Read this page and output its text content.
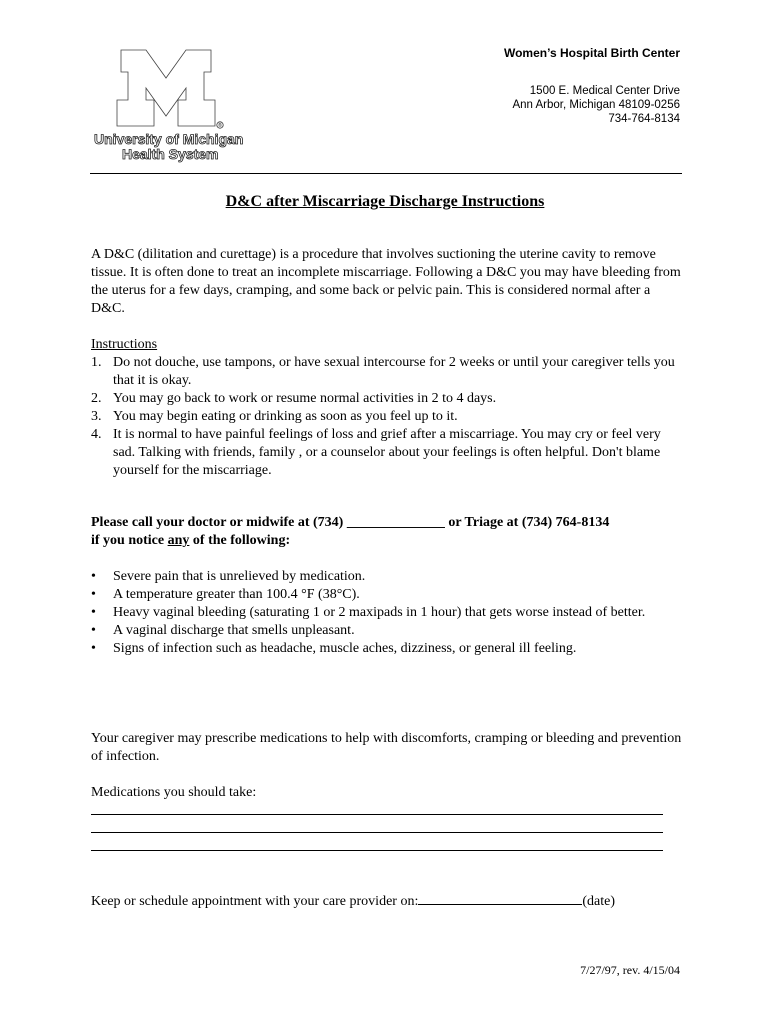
®
University of Michigan
Health System
Women’s Hospital Birth Center
1500 E. Medical Center Drive
Ann Arbor, Michigan 48109-0256
734-764-8134
D&C after Miscarriage Discharge Instructions
A D&C (dilitation and curettage) is a procedure that involves suctioning the uterine cavity to remove tissue. It is often done to treat an incomplete miscarriage. Following a D&C you may have bleeding from the uterus for a few days, cramping, and some back or pelvic pain. This is considered normal after a D&C.
Instructions
1. Do not douche, use tampons, or have sexual intercourse for 2 weeks or until your caregiver tells you that it is okay.
2. You may go back to work or resume normal activities in 2 to 4 days.
3. You may begin eating or drinking as soon as you feel up to it.
4. It is normal to have painful feelings of loss and grief after a miscarriage. You may cry or feel very sad. Talking with friends, family , or a counselor about your feelings is often helpful. Don't blame yourself for the miscarriage.
Please call your doctor or midwife at (734) ______________ or Triage at (734) 764-8134
if you notice any of the following:
• Severe pain that is unrelieved by medication.
• A temperature greater than 100.4 °F (38°C).
• Heavy vaginal bleeding (saturating 1 or 2 maxipads in 1 hour) that gets worse instead of better.
• A vaginal discharge that smells unpleasant.
• Signs of infection such as headache, muscle aches, dizziness, or general ill feeling.
Your caregiver may prescribe medications to help with discomforts, cramping or bleeding and prevention of infection.
Medications you should take:
Keep or schedule appointment with your care provider on:	(date)
7/27/97, rev. 4/15/04
